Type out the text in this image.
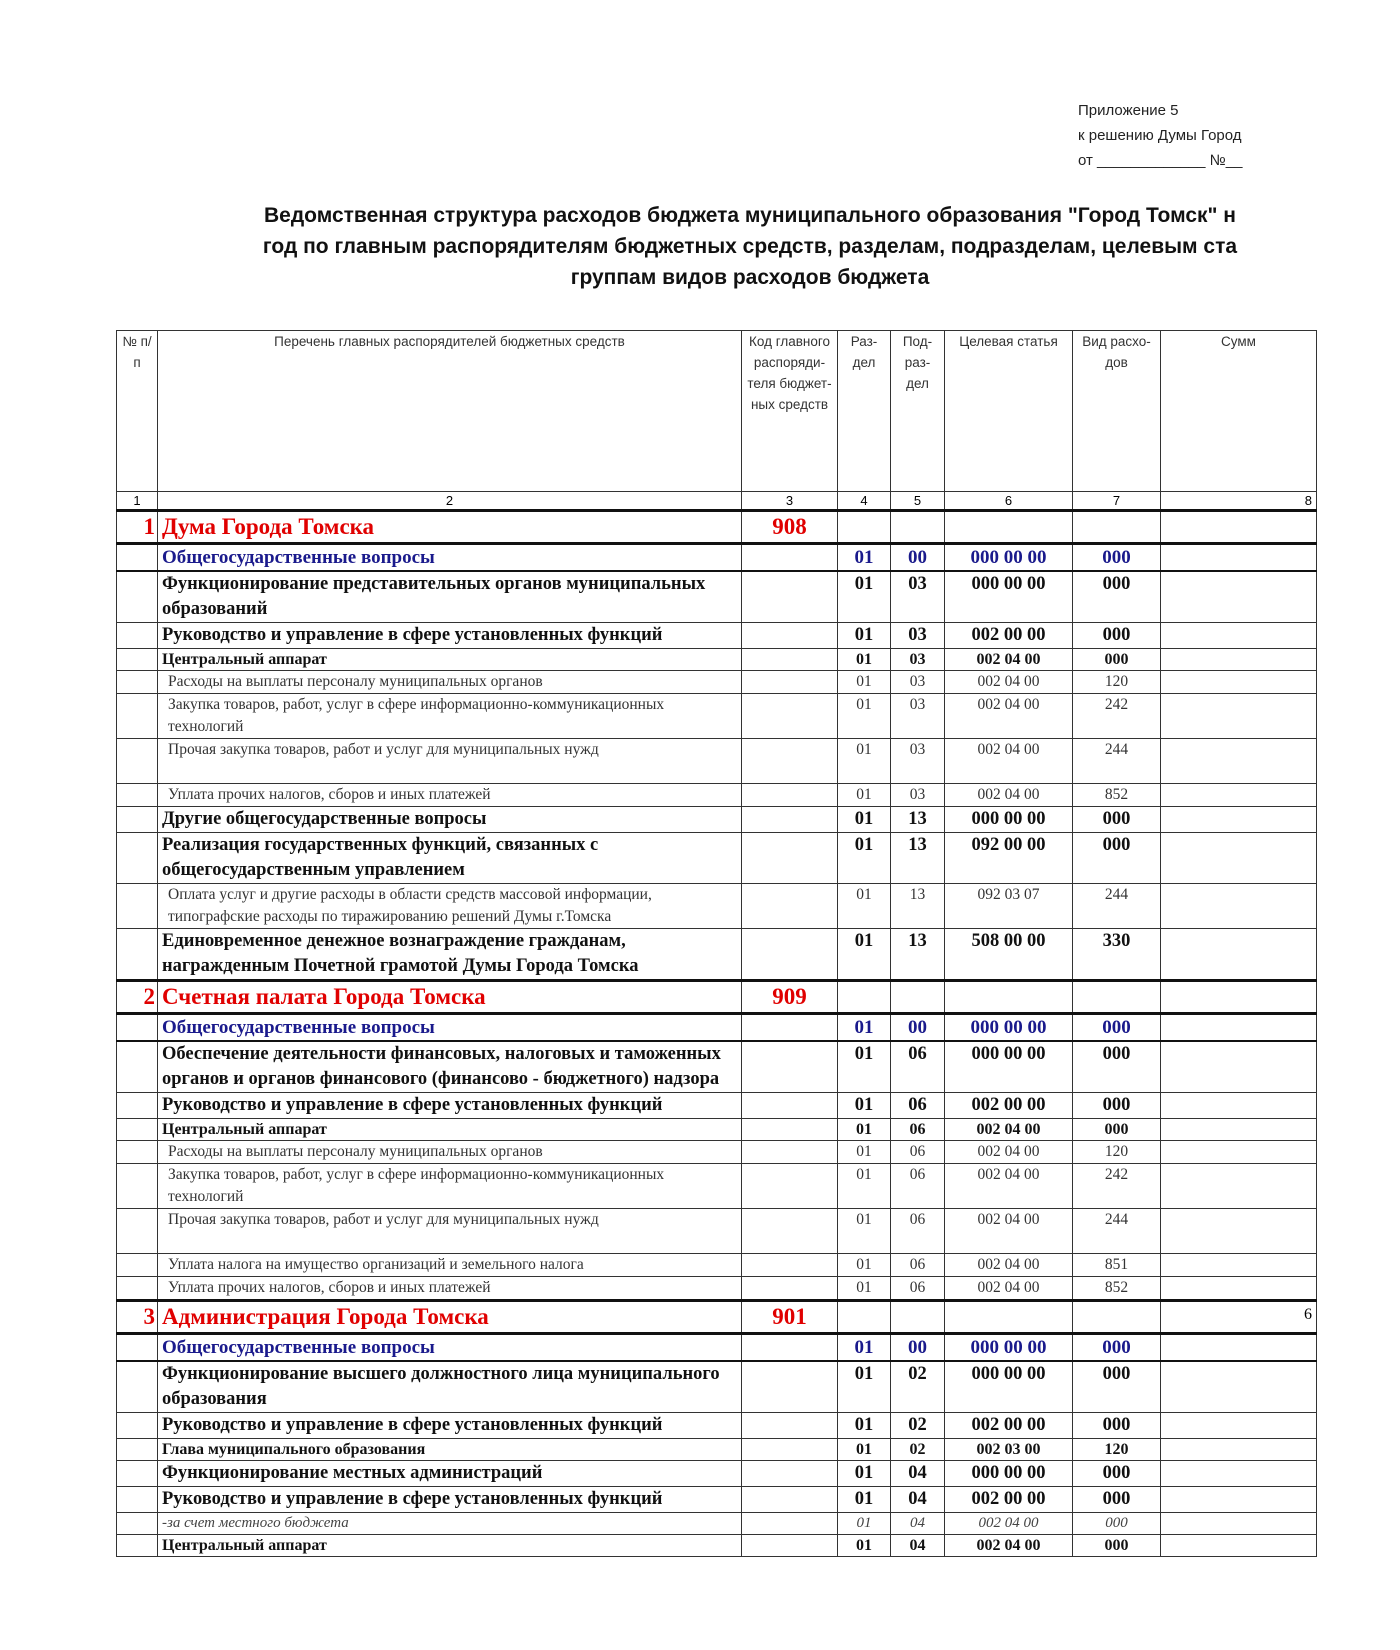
Приложение 5
к решению Думы Город
от _____________ №__
Ведомственная структура расходов бюджета муниципального образования "Город Томск" н
год по главным распорядителям бюджетных средств, разделам, подразделам, целевым ста
группам видов расходов бюджета
№ п/п	Перечень главных распорядителей бюджетных средств	Код главного распоряди-теля бюджет-ных средств	Раз-дел	Под-раз-дел	Целевая статья	Вид расхо-дов	Сумм
1	2	3	4	5	6	7	8
1	Дума Города Томска	908					
	Общегосударственные вопросы		01	00	000 00 00	000	
	Функционирование представительных органов муниципальных образований		01	03	000 00 00	000	
	Руководство и управление в сфере установленных функций		01	03	002 00 00	000	
	Центральный аппарат		01	03	002 04 00	000	
	Расходы на выплаты персоналу муниципальных органов		01	03	002 04 00	120	
	Закупка товаров, работ, услуг в сфере информационно-коммуникационных технологий		01	03	002 04 00	242	
	Прочая закупка товаров, работ и услуг для муниципальных нужд		01	03	002 04 00	244	
	Уплата прочих налогов, сборов и иных платежей		01	03	002 04 00	852	
	Другие общегосударственные вопросы		01	13	000 00 00	000	
	Реализация государственных функций, связанных с общегосударственным управлением		01	13	092 00 00	000	
	Оплата услуг и другие расходы в области средств массовой информации, типографские расходы по тиражированию решений Думы г.Томска		01	13	092 03 07	244	
	Единовременное денежное вознаграждение гражданам, награжденным Почетной грамотой Думы Города Томска		01	13	508 00 00	330	
2	Счетная палата Города Томска	909					
	Общегосударственные вопросы		01	00	000 00 00	000	
	Обеспечение деятельности финансовых, налоговых и таможенных органов и органов финансового (финансово - бюджетного) надзора		01	06	000 00 00	000	
	Руководство и управление в сфере установленных функций		01	06	002 00 00	000	
	Центральный аппарат		01	06	002 04 00	000	
	Расходы на выплаты персоналу муниципальных органов		01	06	002 04 00	120	
	Закупка товаров, работ, услуг в сфере информационно-коммуникационных технологий		01	06	002 04 00	242	
	Прочая закупка товаров, работ и услуг для муниципальных нужд		01	06	002 04 00	244	
	Уплата налога на имущество организаций и земельного налога		01	06	002 04 00	851	
	Уплата прочих налогов, сборов и иных платежей		01	06	002 04 00	852	
3	Администрация Города Томска	901					6
	Общегосударственные вопросы		01	00	000 00 00	000	
	Функционирование высшего должностного лица муниципального образования		01	02	000 00 00	000	
	Руководство и управление в сфере установленных функций		01	02	002 00 00	000	
	Глава муниципального образования		01	02	002 03 00	120	
	Функционирование местных администраций		01	04	000 00 00	000	
	Руководство и управление в сфере установленных функций		01	04	002 00 00	000	
	-за счет местного бюджета		01	04	002 04 00	000	
	Центральный аппарат		01	04	002 04 00	000	
